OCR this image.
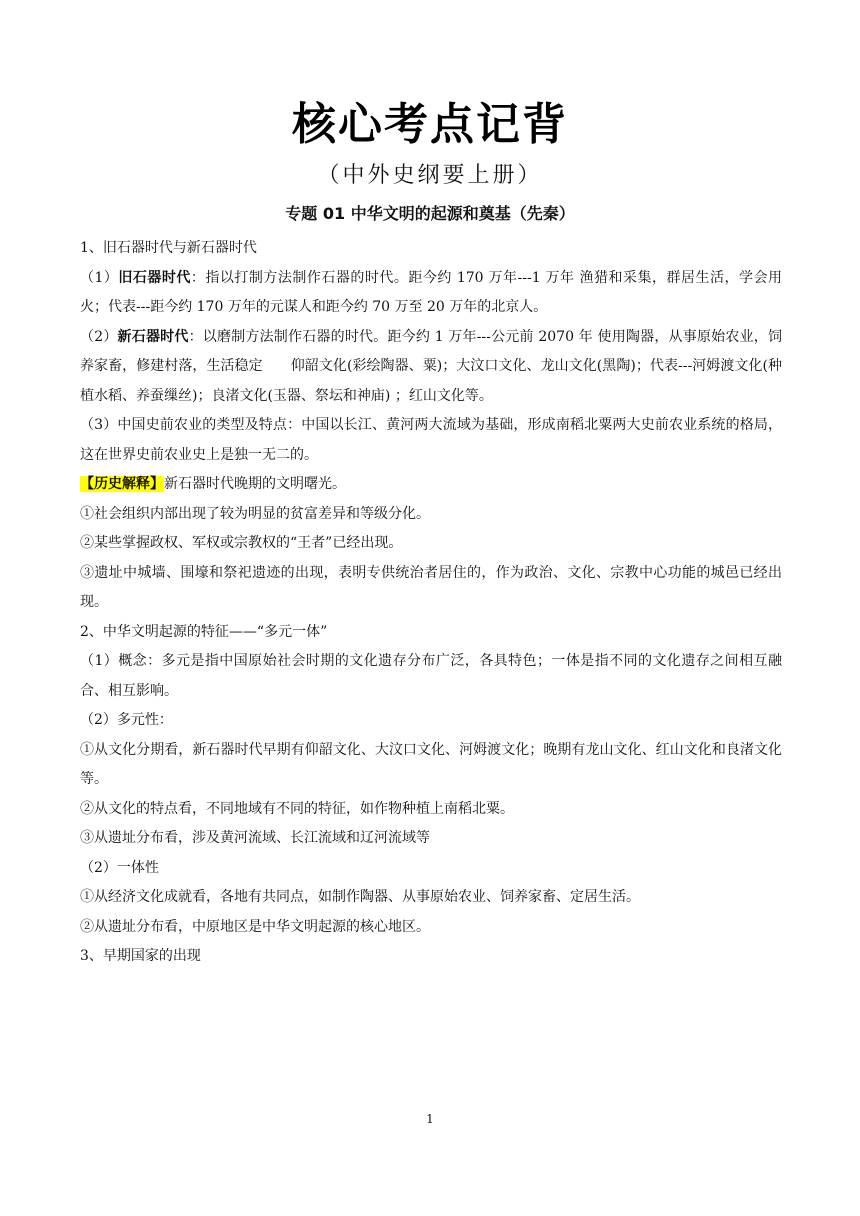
核心考点记背
（中外史纲要上册）
专题 01 中华文明的起源和奠基（先秦）

1、旧石器时代与新石器时代

（1）旧石器时代：指以打制方法制作石器的时代。距今约 170 万年---1 万年 渔猎和采集，群居生活，学会用火；代表---距今约 170 万年的元谋人和距今约 70 万至 20 万年的北京人。

（2）新石器时代：以磨制方法制作石器的时代。距今约 1 万年---公元前 2070 年 使用陶器，从事原始农业，饲养家畜，修建村落，生活稳定　　仰韶文化(彩绘陶器、粟)；大汶口文化、龙山文化(黑陶)；代表---河姆渡文化(种植水稻、养蚕缫丝)；良渚文化(玉器、祭坛和神庙) ；红山文化等。

（3）中国史前农业的类型及特点：中国以长江、黄河两大流域为基础，形成南稻北粟两大史前农业系统的格局，这在世界史前农业史上是独一无二的。

【历史解释】新石器时代晚期的文明曙光。

①社会组织内部出现了较为明显的贫富差异和等级分化。

②某些掌握政权、军权或宗教权的“王者”已经出现。

③遗址中城墙、围壕和祭祀遗迹的出现，表明专供统治者居住的，作为政治、文化、宗教中心功能的城邑已经出现。

2、中华文明起源的特征——“多元一体”

（1）概念：多元是指中国原始社会时期的文化遗存分布广泛，各具特色；一体是指不同的文化遗存之间相互融合、相互影响。

（2）多元性：

①从文化分期看，新石器时代早期有仰韶文化、大汶口文化、河姆渡文化；晚期有龙山文化、红山文化和良渚文化等。

②从文化的特点看，不同地域有不同的特征，如作物种植上南稻北粟。

③从遗址分布看，涉及黄河流域、长江流域和辽河流域等

（2）一体性

①从经济文化成就看，各地有共同点，如制作陶器、从事原始农业、饲养家畜、定居生活。

②从遗址分布看，中原地区是中华文明起源的核心地区。

3、早期国家的出现

1
